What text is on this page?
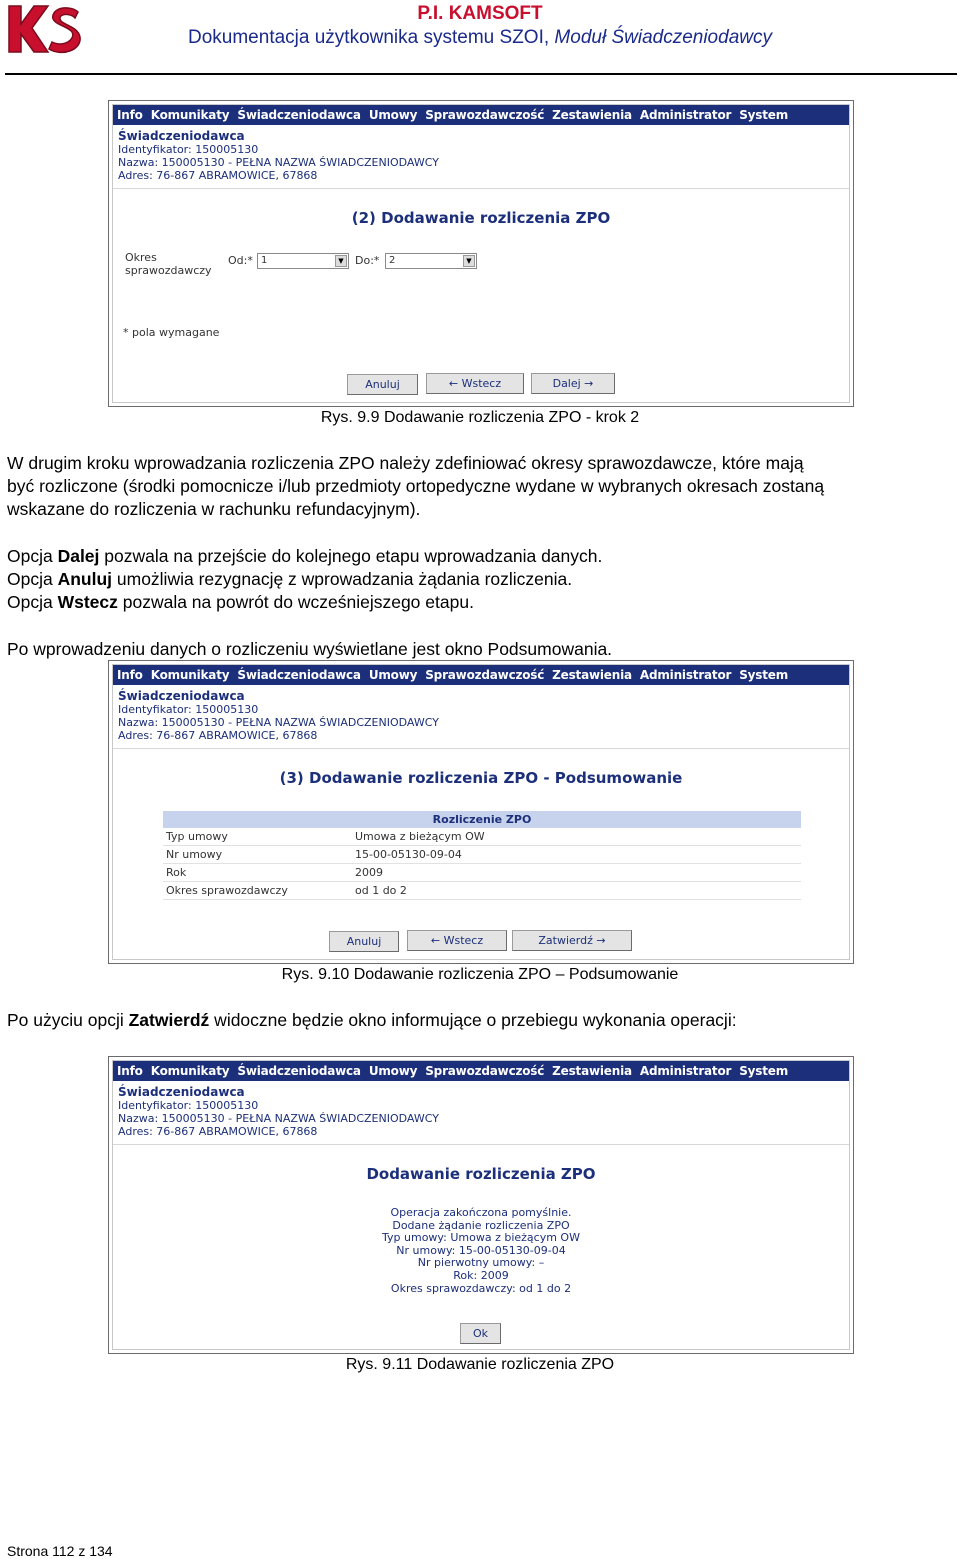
P.I. KAMSOFT
Dokumentacja użytkownika systemu SZOI, Moduł Świadczeniodawcy
Info Komunikaty Świadczeniodawca Umowy Sprawozdawczość Zestawienia Administrator System
Świadczeniodawca
Identyfikator: 150005130
Nazwa: 150005130 - PEŁNA NAZWA ŚWIADCZENIODAWCY
Adres: 76-867 ABRAMOWICE, 67868
(2) Dodawanie rozliczenia ZPO
Okres
sprawozdawczy
Od:* 1	▼	Do:* 2	▼
* pola wymagane
Anuluj	← Wstecz	Dalej →
Rys. 9.9 Dodawanie rozliczenia ZPO - krok 2
W drugim kroku wprowadzania rozliczenia ZPO należy zdefiniować okresy sprawozdawcze, które mają
być rozliczone (środki pomocnicze i/lub przedmioty ortopedyczne wydane w wybranych okresach zostaną
wskazane do rozliczenia w rachunku refundacyjnym).
Opcja Dalej pozwala na przejście do kolejnego etapu wprowadzania danych.
Opcja Anuluj umożliwia rezygnację z wprowadzania żądania rozliczenia.
Opcja Wstecz pozwala na powrót do wcześniejszego etapu.
Po wprowadzeniu danych o rozliczeniu wyświetlane jest okno Podsumowania.
Info Komunikaty Świadczeniodawca Umowy Sprawozdawczość Zestawienia Administrator System
Świadczeniodawca
Identyfikator: 150005130
Nazwa: 150005130 - PEŁNA NAZWA ŚWIADCZENIODAWCY
Adres: 76-867 ABRAMOWICE, 67868
(3) Dodawanie rozliczenia ZPO - Podsumowanie
Rozliczenie ZPO
Typ umowy	Umowa z bieżącym OW
Nr umowy	15-00-05130-09-04
Rok	2009
Okres sprawozdawczy	od 1 do 2
Anuluj	← Wstecz	Zatwierdź →
Rys. 9.10 Dodawanie rozliczenia ZPO – Podsumowanie
Po użyciu opcji Zatwierdź widoczne będzie okno informujące o przebiegu wykonania operacji:
Info Komunikaty Świadczeniodawca Umowy Sprawozdawczość Zestawienia Administrator System
Świadczeniodawca
Identyfikator: 150005130
Nazwa: 150005130 - PEŁNA NAZWA ŚWIADCZENIODAWCY
Adres: 76-867 ABRAMOWICE, 67868
Dodawanie rozliczenia ZPO
Operacja zakończona pomyślnie.
Dodane żądanie rozliczenia ZPO
Typ umowy: Umowa z bieżącym OW
Nr umowy: 15-00-05130-09-04
Nr pierwotny umowy: –
Rok: 2009
Okres sprawozdawczy: od 1 do 2
Ok
Rys. 9.11 Dodawanie rozliczenia ZPO
Strona 112 z 134
